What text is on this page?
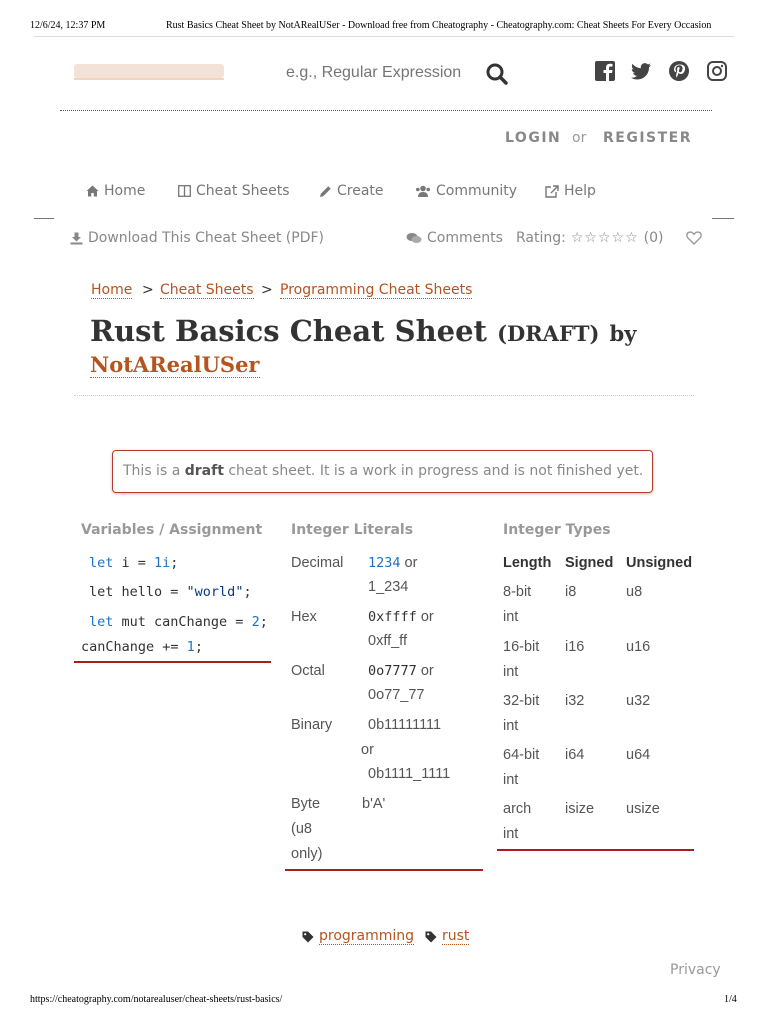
12/6/24, 12:37 PM	Rust Basics Cheat Sheet by NotARealUSer - Download free from Cheatography - Cheatography.com: Cheat Sheets For Every Occasion
e.g., Regular Expression
LOGIN or REGISTER
Home	Cheat Sheets	Create	Community	Help
Download This Cheat Sheet (PDF)	Comments Rating: ☆☆☆☆☆ (0)
Home > Cheat Sheets > Programming Cheat Sheets
Rust Basics Cheat Sheet (DRAFT) by
NotARealUSer
This is a draft cheat sheet. It is a work in progress and is not finished yet.
Variables / Assignment
let i = 1i;
let hello = "world";
let mut canChange = 2;
canChange += 1;
Integer Literals
Decimal 1234 or
1_234
Hex	0xffff or
0xff_ff
Octal	0o7777 or
0o77_77
Binary 0b11111111
or
0b1111_1111
Byte
(u8
only)
b'A'
Integer Types
Length Signed Unsigned
8-bit
int
i8	u8
16-bit
int
i16	u16
32-bit
int
i32	u32
64-bit
int
i64	u64
arch
int
isize usize
programming rust
Privacy
https://cheatography.com/notarealuser/cheat-sheets/rust-basics/	1/4
